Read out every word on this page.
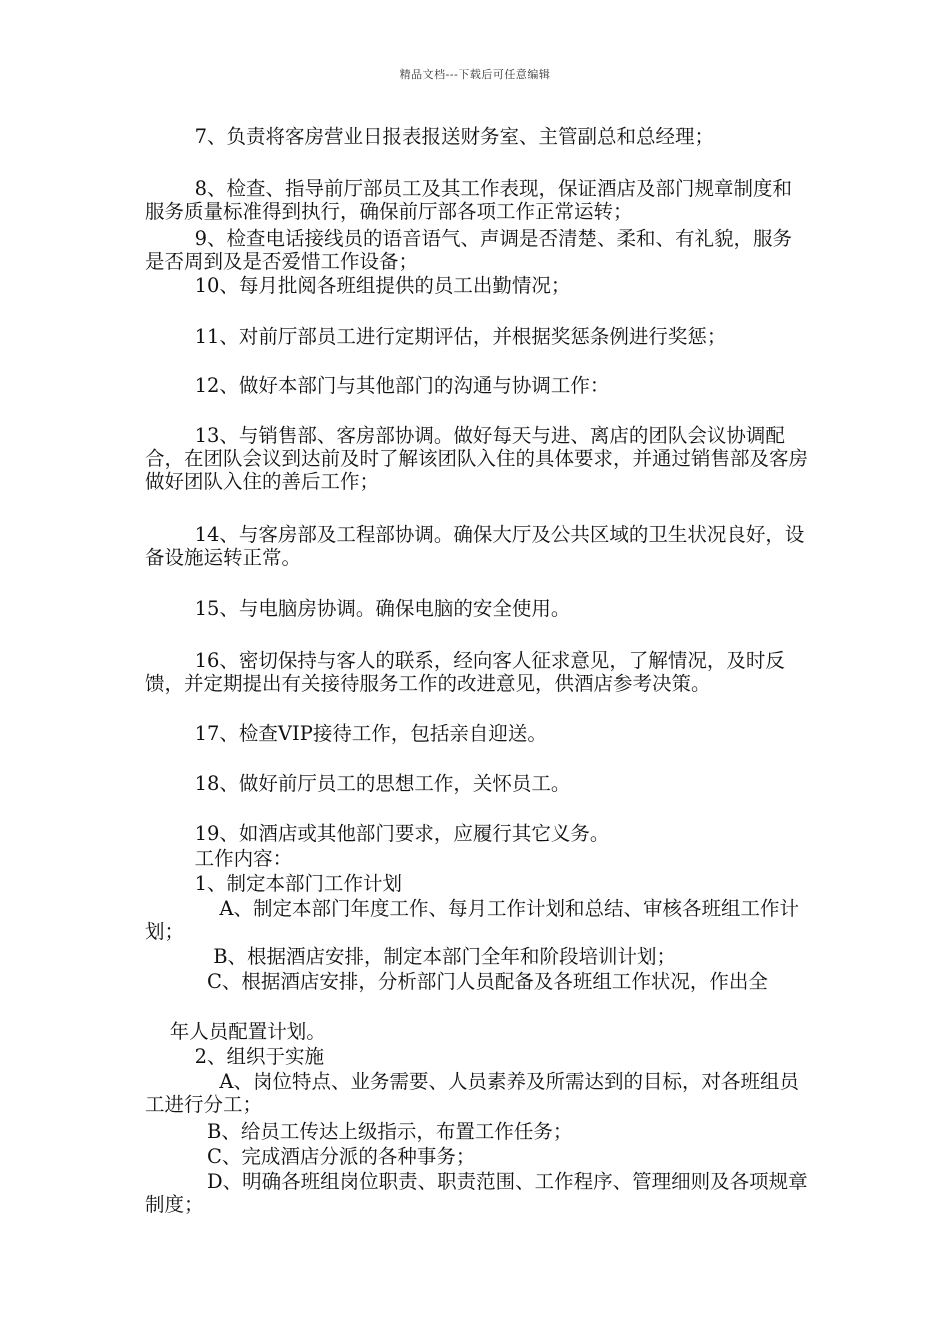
精品文档---下载后可任意编辑
7、负责将客房营业日报表报送财务室、主管副总和总经理；
8、检查、指导前厅部员工及其工作表现，保证酒店及部门规章制度和服务质量标准得到执行，确保前厅部各项工作正常运转；
9、检查电话接线员的语音语气、声调是否清楚、柔和、有礼貌，服务是否周到及是否爱惜工作设备；
10、每月批阅各班组提供的员工出勤情况；
11、对前厅部员工进行定期评估，并根据奖惩条例进行奖惩；
12、做好本部门与其他部门的沟通与协调工作：
13、与销售部、客房部协调。做好每天与进、离店的团队会议协调配合，在团队会议到达前及时了解该团队入住的具体要求，并通过销售部及客房做好团队入住的善后工作；
14、与客房部及工程部协调。确保大厅及公共区域的卫生状况良好，设备设施运转正常。
15、与电脑房协调。确保电脑的安全使用。
16、密切保持与客人的联系，经向客人征求意见，了解情况，及时反馈，并定期提出有关接待服务工作的改进意见，供酒店参考决策。
17、检查VIP接待工作，包括亲自迎送。
18、做好前厅员工的思想工作，关怀员工。
19、如酒店或其他部门要求，应履行其它义务。
工作内容：
1、制定本部门工作计划
A、制定本部门年度工作、每月工作计划和总结、审核各班组工作计划；
B、根据酒店安排，制定本部门全年和阶段培训计划；
C、根据酒店安排，分析部门人员配备及各班组工作状况，作出全
年人员配置计划。
2、组织于实施
A、岗位特点、业务需要、人员素养及所需达到的目标，对各班组员工进行分工；
B、给员工传达上级指示，布置工作任务；
C、完成酒店分派的各种事务；
D、明确各班组岗位职责、职责范围、工作程序、管理细则及各项规章制度；
